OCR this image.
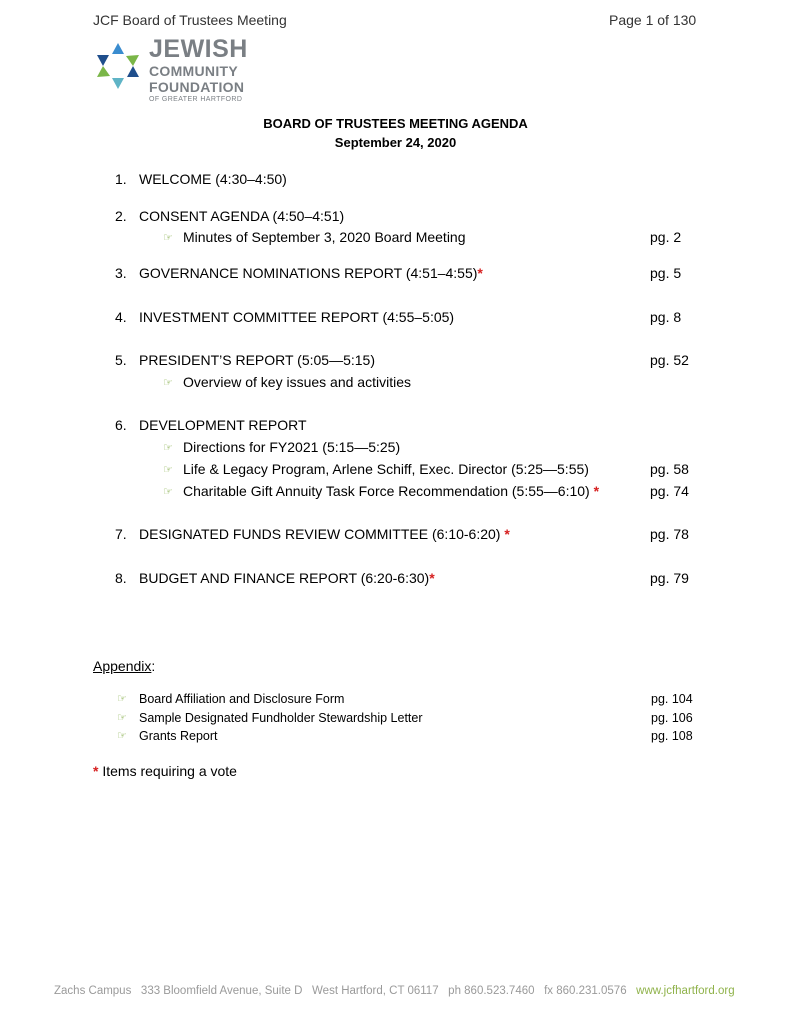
JCF Board of Trustees Meeting	Page 1 of 130
JEWISH
COMMUNITY
FOUNDATION
OF GREATER HARTFORD
BOARD OF TRUSTEES MEETING AGENDA
September 24, 2020
1. WELCOME (4:30–4:50)
2. CONSENT AGENDA (4:50–4:51)
☞ Minutes of September 3, 2020 Board Meeting	pg. 2
3. GOVERNANCE NOMINATIONS REPORT (4:51–4:55)*	pg. 5
4. INVESTMENT COMMITTEE REPORT (4:55–5:05)	pg. 8
5. PRESIDENT’S REPORT (5:05—5:15)	pg. 52
☞ Overview of key issues and activities
6. DEVELOPMENT REPORT
☞ Directions for FY2021 (5:15—5:25)
☞ Life & Legacy Program, Arlene Schiff, Exec. Director (5:25—5:55)	pg. 58
☞ Charitable Gift Annuity Task Force Recommendation (5:55—6:10) *	pg. 74
7. DESIGNATED FUNDS REVIEW COMMITTEE (6:10-6:20) *	pg. 78
8. BUDGET AND FINANCE REPORT (6:20-6:30)*	pg. 79
Appendix:
☞ Board Affiliation and Disclosure Form	pg. 104
☞ Sample Designated Fundholder Stewardship Letter	pg. 106
☞ Grants Report	pg. 108
* Items requiring a vote
Zachs Campus   333 Bloomfield Avenue, Suite D   West Hartford, CT 06117   ph 860.523.7460   fx 860.231.0576   www.jcfhartford.org
